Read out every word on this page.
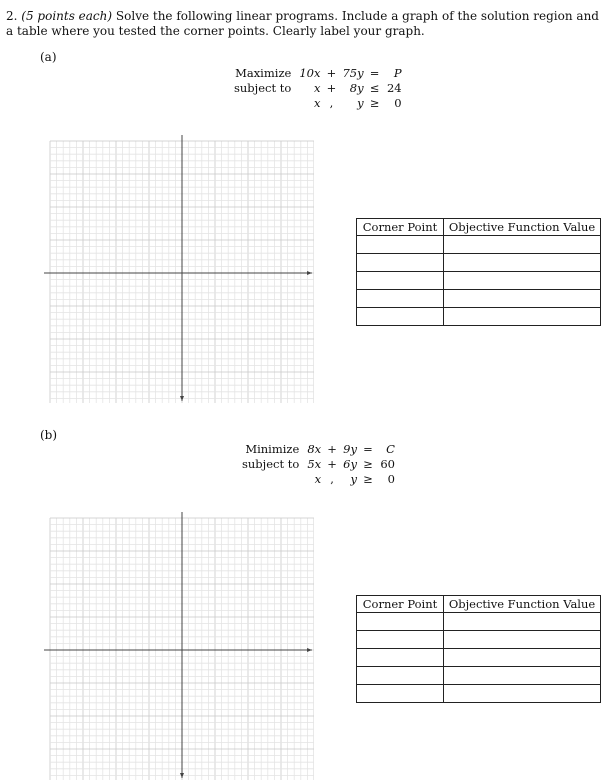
2. (5 points each) Solve the following linear programs. Include a graph of the solution region and a table where you tested the corner points. Clearly label your graph.
(a)
Maximize	10x	+	75y	=	P
subject to	x	+	8y	≤	24
	x	,	y	≥	0
Corner Point	Objective Function Value

(b)
Minimize	8x	+	9y	=	C
subject to	5x	+	6y	≥	60
	x	,	y	≥	0
Corner Point	Objective Function Value
